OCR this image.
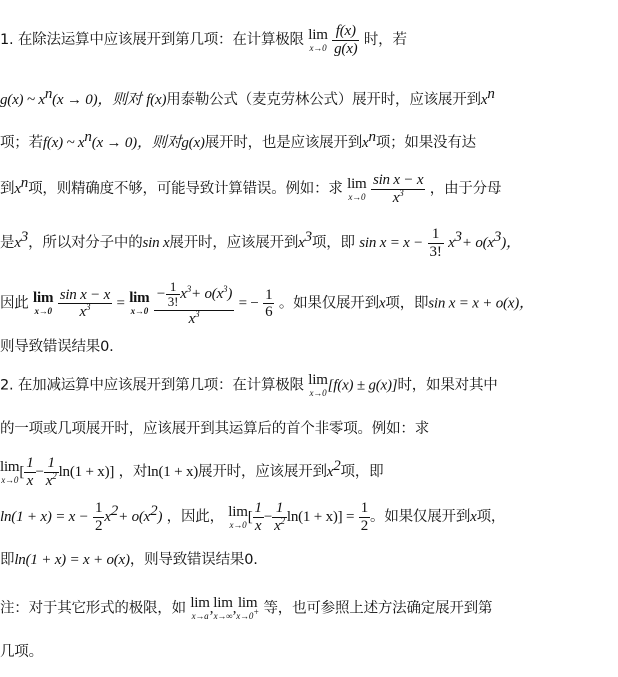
1. 在除法运算中应该展开到第几项：在计算极限 lim
x→0
$\frac{f(x)}{g(x)}$ 时，若
g(x) ~ $x^n(x \to 0)$，则对 f(x)用泰勒公式（麦克劳林公式）展开时，应该展开到$x^n$
项；若f(x) ~ $x^n(x \to 0)$，则对g(x)展开时，也是应该展开到$x^n$项；如果没有达
到$x^n$项，则精确度不够，可能导致计算错误。例如：求 lim
x→0
$\frac{\text{sin x − x}}{x^3}$ ，由于分母
是$x^3$，所以对分子中的sin x展开时，应该展开到$x^3$项，即 $\sin x = x - \frac{1}{3!} x^3+ o(x^3)$，
因此 lim
x→0
$\frac{\text{sin x − x}}{x^3} = \lim$
x→0
$\frac{- \frac{1}{3!} x^3+ o(x^3)}{x^3}$ = − $\frac{1}{6}$ 。如果仅展开到x项，即sin x = x + o(x)，
则导致错误结果0.
2. 在加减运算中应该展开到第几项：在计算极限 lim
x→0 [f(x) ± g(x)]时，如果对其中
的一项或几项展开时，应该展开到其运算后的首个非零项。例如：求
lim
x→0 [ $\frac{1}{x} - \frac{1}{x^2} \ln(1 + x)$] ，对ln(1 + x)展开时，应该展开到$x^2$项，即
$\ln(1 + x) = x - \frac{1}{2} x^2+ o(x^2)$ ，因此， lim
x→0 [ $\frac{1}{x} - \frac{1}{x^2} \ln(1 + x)] = \frac{1}{2}$ 。如果仅展开到x项，
即ln(1 + x) = x + o(x)，则导致错误结果0.
注：对于其它形式的极限，如 lim
x→a ,lim
x→∞ , lim
x→0+ 等，也可参照上述方法确定展开到第
几项。
